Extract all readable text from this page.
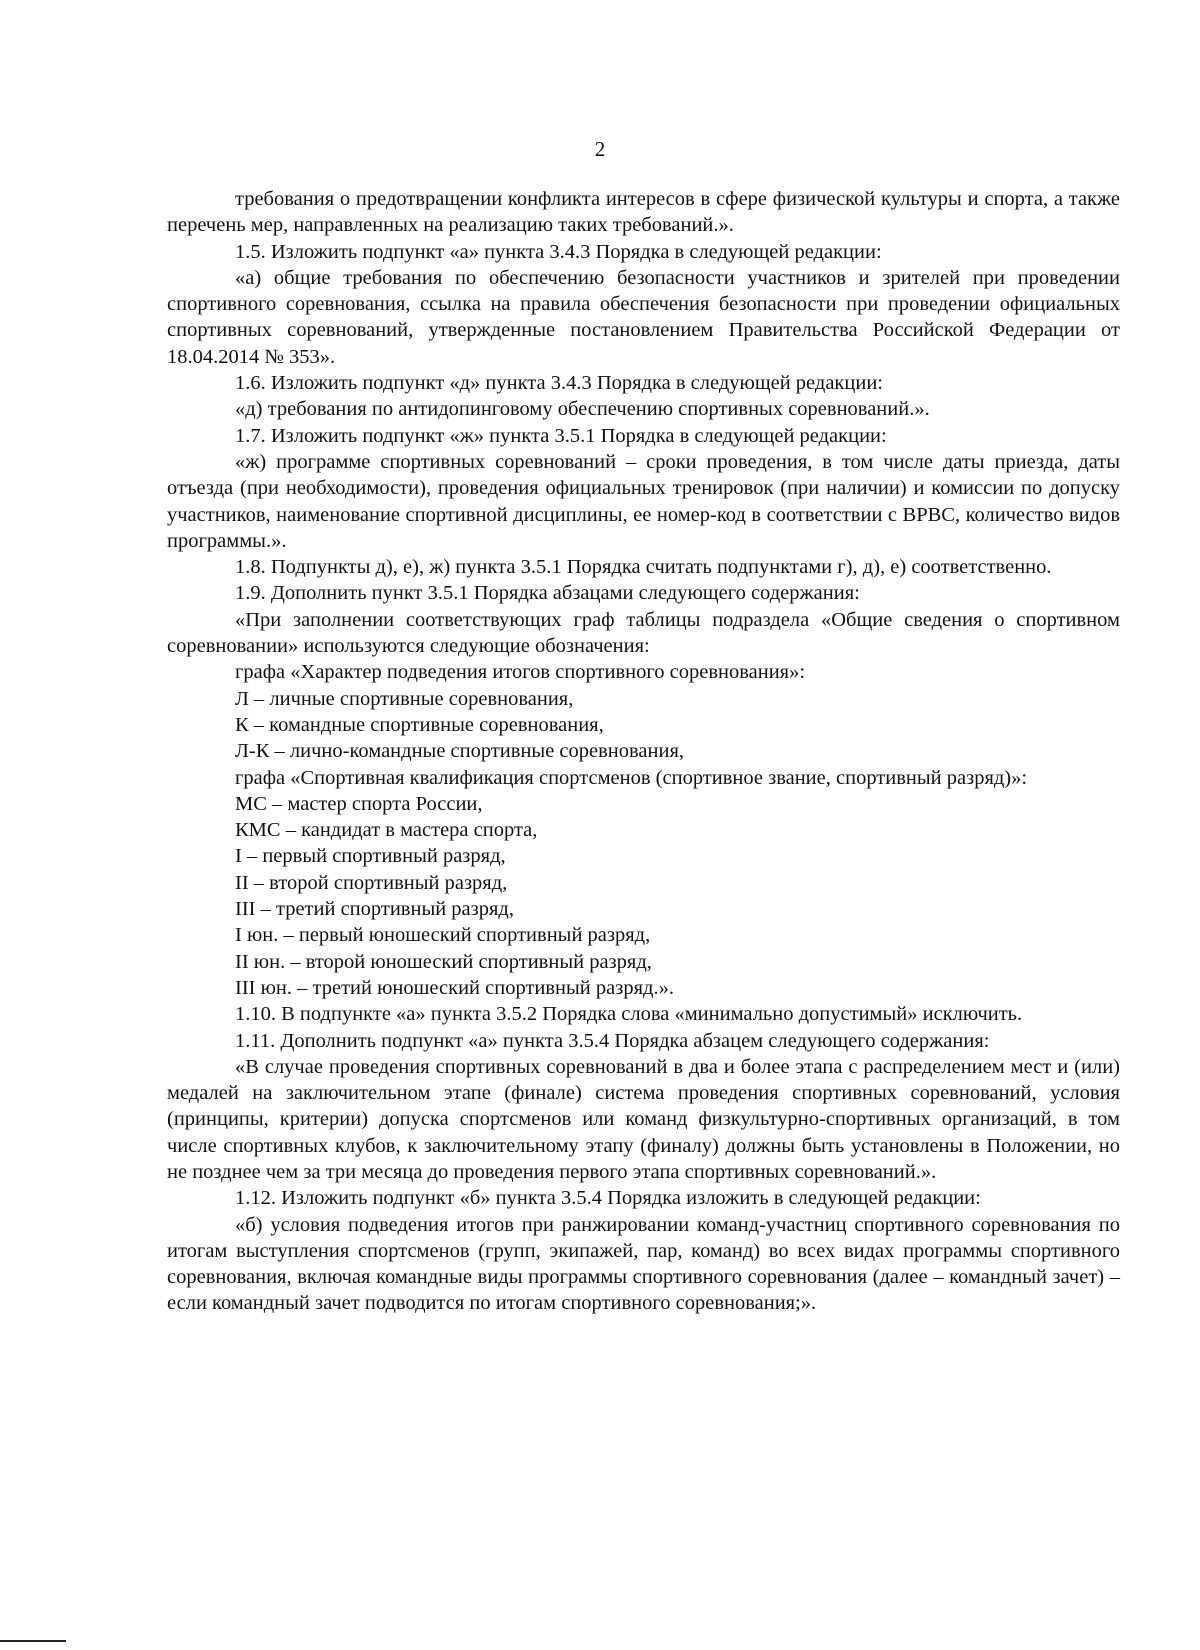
2

требования о предотвращении конфликта интересов в сфере физической культуры и спорта, а также перечень мер, направленных на реализацию таких требований.».

1.5. Изложить подпункт «а» пункта 3.4.3 Порядка в следующей редакции:

«а) общие требования по обеспечению безопасности участников и зрителей при проведении спортивного соревнования, ссылка на правила обеспечения безопасности при проведении официальных спортивных соревнований, утвержденные постановлением Правительства Российской Федерации от 18.04.2014 № 353».

1.6. Изложить подпункт «д» пункта 3.4.3 Порядка в следующей редакции:

«д) требования по антидопинговому обеспечению спортивных соревнований.».

1.7. Изложить подпункт «ж» пункта 3.5.1 Порядка в следующей редакции:

«ж) программе спортивных соревнований – сроки проведения, в том числе даты приезда, даты отъезда (при необходимости), проведения официальных тренировок (при наличии) и комиссии по допуску участников, наименование спортивной дисциплины, ее номер-код в соответствии с ВРВС, количество видов программы.».

1.8. Подпункты д), е), ж) пункта 3.5.1 Порядка считать подпунктами г), д), е) соответственно.

1.9. Дополнить пункт 3.5.1 Порядка абзацами следующего содержания:

«При заполнении соответствующих граф таблицы подраздела «Общие сведения о спортивном соревновании» используются следующие обозначения:

графа «Характер подведения итогов спортивного соревнования»:

Л – личные спортивные соревнования,

К – командные спортивные соревнования,

Л-К – лично-командные спортивные соревнования,

графа «Спортивная квалификация спортсменов (спортивное звание, спортивный разряд)»:

МС – мастер спорта России,

КМС – кандидат в мастера спорта,

I – первый спортивный разряд,

II – второй спортивный разряд,

III – третий спортивный разряд,

I юн. – первый юношеский спортивный разряд,

II юн. – второй юношеский спортивный разряд,

III юн. – третий юношеский спортивный разряд.».

1.10. В подпункте «а» пункта 3.5.2 Порядка слова «минимально допустимый» исключить.

1.11. Дополнить подпункт «а» пункта 3.5.4 Порядка абзацем следующего содержания:

«В случае проведения спортивных соревнований в два и более этапа с распределением мест и (или) медалей на заключительном этапе (финале) система проведения спортивных соревнований, условия (принципы, критерии) допуска спортсменов или команд физкультурно-спортивных организаций, в том числе спортивных клубов, к заключительному этапу (финалу) должны быть установлены в Положении, но не позднее чем за три месяца до проведения первого этапа спортивных соревнований.».

1.12. Изложить подпункт «б» пункта 3.5.4 Порядка изложить в следующей редакции:

«б) условия подведения итогов при ранжировании команд-участниц спортивного соревнования по итогам выступления спортсменов (групп, экипажей, пар, команд) во всех видах программы спортивного соревнования, включая командные виды программы спортивного соревнования (далее – командный зачет) – если командный зачет подводится по итогам спортивного соревнования;».
